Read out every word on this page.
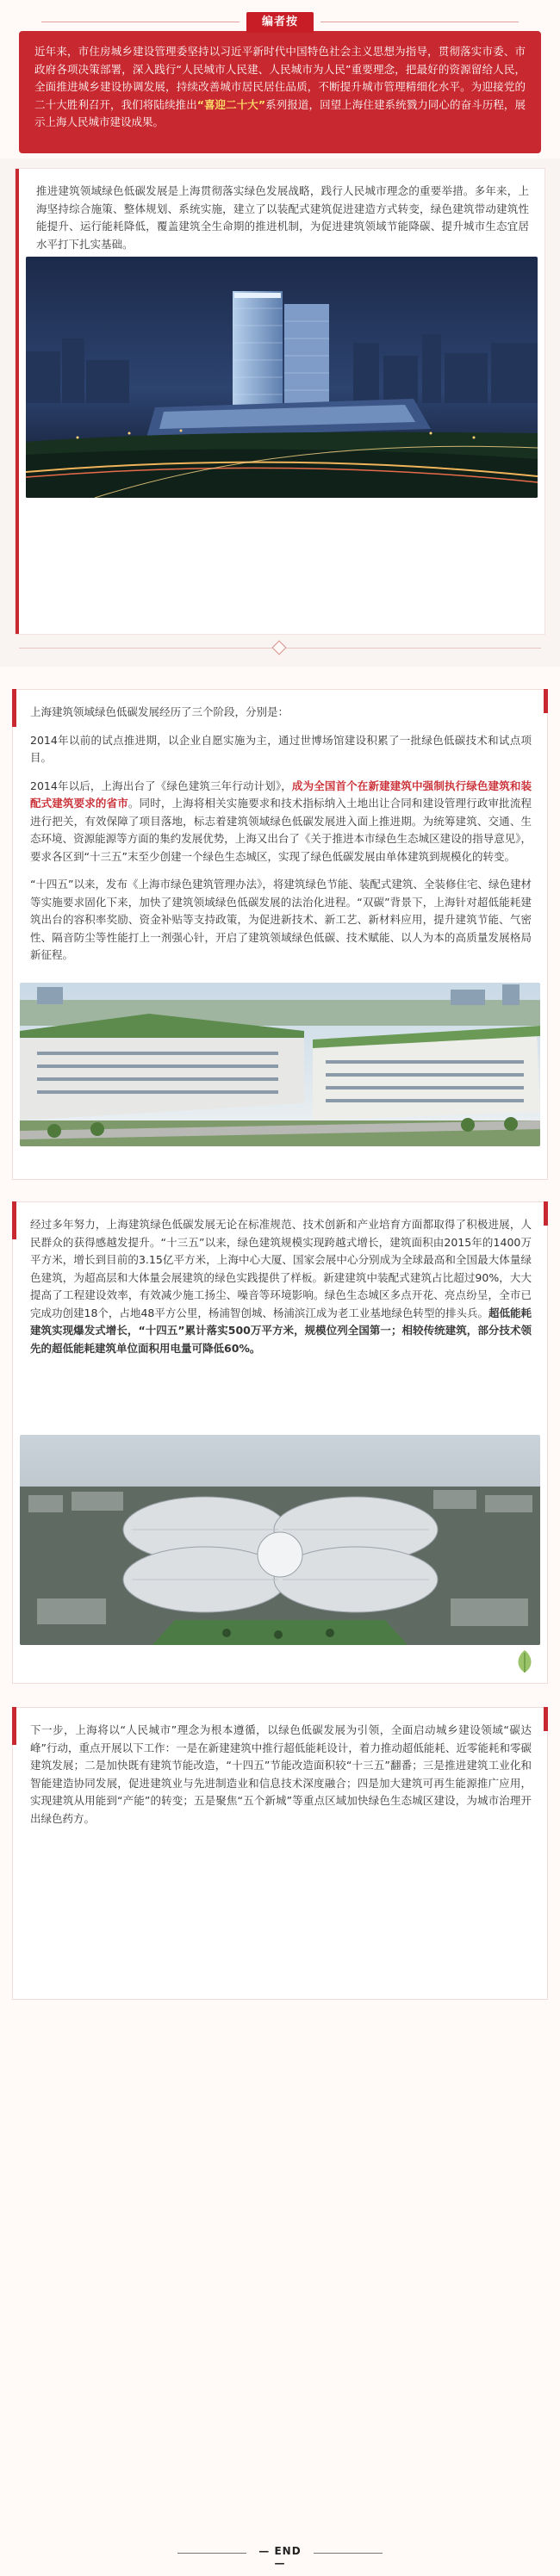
近年来，市住房城乡建设管理委坚持以习近平新时代中国特色社会主义思想为指导，贯彻落实市委、市政府各项决策部署，深入践行“人民城市人民建、人民城市为人民”重要理念，把最好的资源留给人民，全面推进城乡建设协调发展，持续改善城市居民居住品质，不断提升城市管理精细化水平。为迎接党的二十大胜利召开，我们将陆续推出“喜迎二十大”系列报道，回望上海住建系统戮力同心的奋斗历程，展示上海人民城市建设成果。

编者按

推进建筑领域绿色低碳发展是上海贯彻落实绿色发展战略，践行人民城市理念的重要举措。多年来，上海坚持综合施策、整体规划、系统实施，建立了以装配式建筑促进建造方式转变，绿色建筑带动建筑性能提升、运行能耗降低，覆盖建筑全生命期的推进机制，为促进建筑领域节能降碳、提升城市生态宜居水平打下扎实基础。

上海建筑领域绿色低碳发展经历了三个阶段，分别是：

2014年以前的试点推进期，以企业自愿实施为主，通过世博场馆建设积累了一批绿色低碳技术和试点项目。

2014年以后，上海出台了《绿色建筑三年行动计划》，成为全国首个在新建建筑中强制执行绿色建筑和装配式建筑要求的省市。同时，上海将相关实施要求和技术指标纳入土地出让合同和建设管理行政审批流程进行把关，有效保障了项目落地，标志着建筑领域绿色低碳发展进入面上推进期。为统筹建筑、交通、生态环境、资源能源等方面的集约发展优势，上海又出台了《关于推进本市绿色生态城区建设的指导意见》，要求各区到“十三五”末至少创建一个绿色生态城区，实现了绿色低碳发展由单体建筑到规模化的转变。

“十四五”以来，发布《上海市绿色建筑管理办法》，将建筑绿色节能、装配式建筑、全装修住宅、绿色建材等实施要求固化下来，加快了建筑领域绿色低碳发展的法治化进程。“双碳”背景下，上海针对超低能耗建筑出台的容积率奖励、资金补贴等支持政策，为促进新技术、新工艺、新材料应用，提升建筑节能、气密性、隔音防尘等性能打上一剂强心针，开启了建筑领域绿色低碳、技术赋能、以人为本的高质量发展格局新征程。

经过多年努力，上海建筑绿色低碳发展无论在标准规范、技术创新和产业培育方面都取得了积极进展，人民群众的获得感越发提升。“十三五”以来，绿色建筑规模实现跨越式增长，建筑面积由2015年的1400万平方米，增长到目前的3.15亿平方米，上海中心大厦、国家会展中心分别成为全球最高和全国最大体量绿色建筑，为超高层和大体量会展建筑的绿色实践提供了样板。新建建筑中装配式建筑占比超过90%，大大提高了工程建设效率，有效减少施工扬尘、噪音等环境影响。绿色生态城区多点开花、亮点纷呈，全市已完成功创建18个，占地48平方公里，杨浦智创城、杨浦滨江成为老工业基地绿色转型的排头兵。超低能耗建筑实现爆发式增长，“十四五”累计落实500万平方米，规模位列全国第一；相较传统建筑，部分技术领先的超低能耗建筑单位面积用电量可降低60%。

下一步，上海将以“人民城市”理念为根本遵循，以绿色低碳发展为引领，全面启动城乡建设领域“碳达峰”行动，重点开展以下工作：一是在新建建筑中推行超低能耗设计，着力推动超低能耗、近零能耗和零碳建筑发展；二是加快既有建筑节能改造，“十四五”节能改造面积较“十三五”翻番；三是推进建筑工业化和智能建造协同发展，促进建筑业与先进制造业和信息技术深度融合；四是加大建筑可再生能源推广应用，实现建筑从用能到“产能”的转变；五是聚焦“五个新城”等重点区域加快绿色生态城区建设，为城市治理开出绿色药方。

— END —
